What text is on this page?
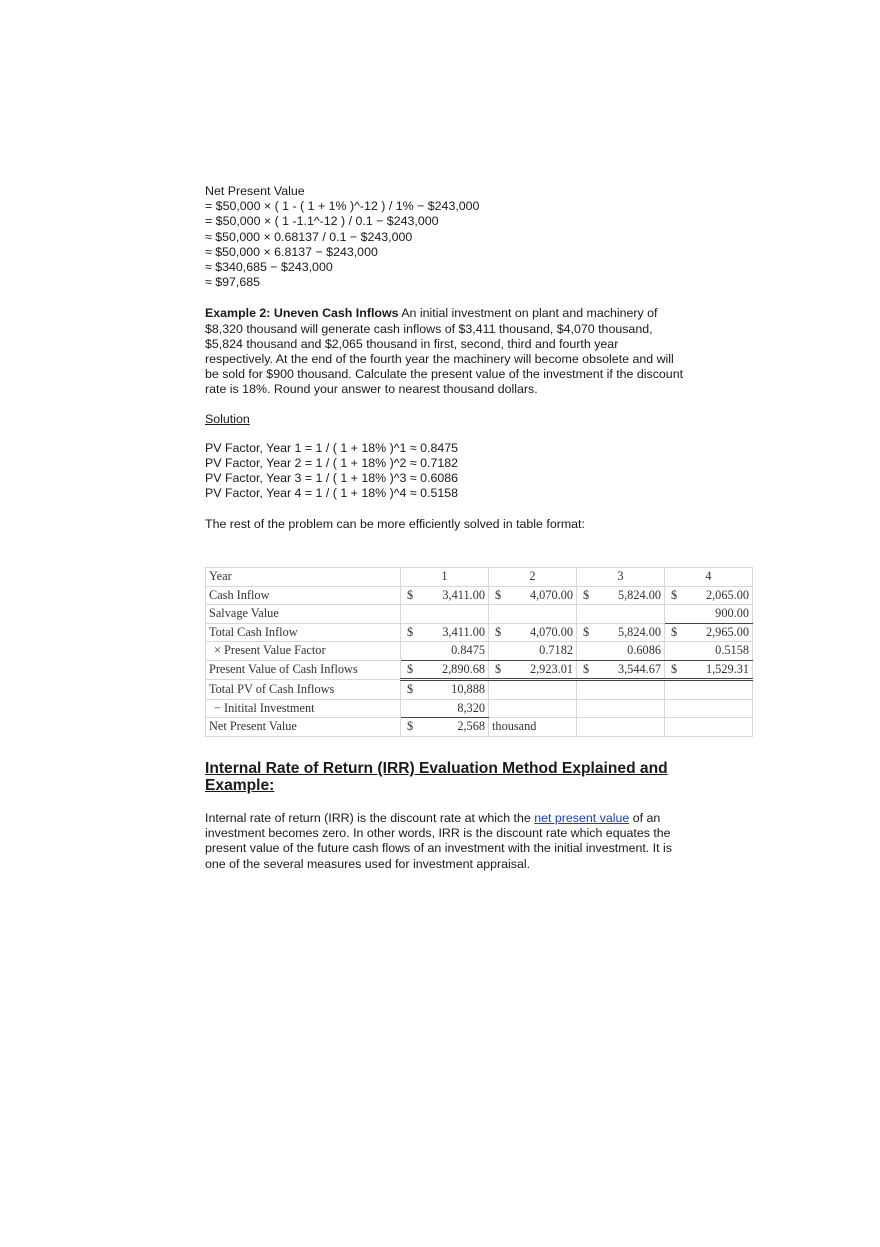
Net Present Value
= $50,000 × ( 1 - ( 1 + 1% )^-12 ) / 1% − $243,000
= $50,000 × ( 1 -1.1^-12 ) / 0.1 − $243,000
≈ $50,000 × 0.68137 / 0.1 − $243,000
≈ $50,000 × 6.8137 − $243,000
≈ $340,685 − $243,000
≈ $97,685
Example 2: Uneven Cash Inflows An initial investment on plant and machinery of $8,320 thousand will generate cash inflows of $3,411 thousand, $4,070 thousand, $5,824 thousand and $2,065 thousand in first, second, third and fourth year respectively. At the end of the fourth year the machinery will become obsolete and will be sold for $900 thousand. Calculate the present value of the investment if the discount rate is 18%. Round your answer to nearest thousand dollars.
Solution
PV Factor, Year 1 = 1 / ( 1 + 18% )^1 ≈ 0.8475
PV Factor, Year 2 = 1 / ( 1 + 18% )^2 ≈ 0.7182
PV Factor, Year 3 = 1 / ( 1 + 18% )^3 ≈ 0.6086
PV Factor, Year 4 = 1 / ( 1 + 18% )^4 ≈ 0.5158
The rest of the problem can be more efficiently solved in table format:
Year	1	2	3	4
Cash Inflow	$ 3,411.00	$ 4,070.00	$ 5,824.00	$ 2,065.00

Salvage Value				900.00
Total Cash Inflow	$ 3,411.00	$ 4,070.00	$ 5,824.00	$ 2,965.00

× Present Value Factor	0.8475	0.7182	0.6086	0.5158
Present Value of Cash Inflows	$ 2,890.68	$ 2,923.01	$ 3,544.67	$ 1,529.31

Total PV of Cash Inflows	$ 10,888			

− Initital Investment	8,320			
Net Present Value	$ 2,568	thousand		
Internal Rate of Return (IRR) Evaluation Method Explained and Example:

Internal rate of return (IRR) is the discount rate at which the net present value of an investment becomes zero. In other words, IRR is the discount rate which equates the present value of the future cash flows of an investment with the initial investment. It is one of the several measures used for investment appraisal.
